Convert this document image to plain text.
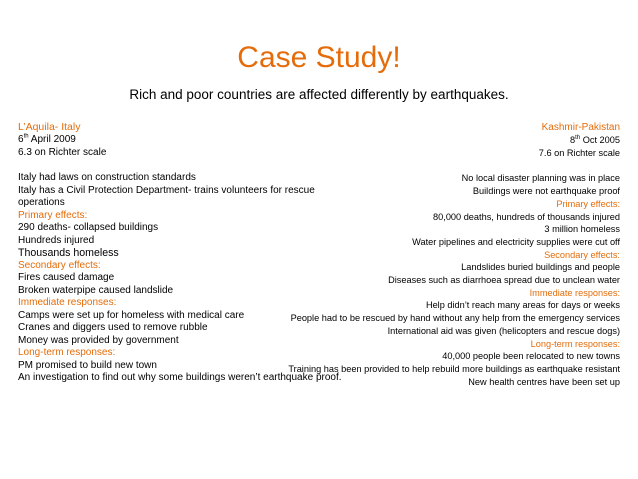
Case Study!
Rich and poor countries are affected differently by earthquakes.
L’Aquila- Italy
6th April 2009
6.3 on Richter scale
Italy had laws on construction standards
Italy has a Civil Protection Department- trains volunteers for rescue operations
Primary effects:
290 deaths- collapsed buildings
Hundreds injured
Thousands homeless
Secondary effects:
Fires caused damage
Broken waterpipe caused landslide
Immediate responses:
Camps were set up for homeless with medical care
Cranes and diggers used to remove rubble
Money was provided by government
Long-term responses:
PM promised to build new town
An investigation to find out why some buildings weren’t earthquake proof.
Kashmir-Pakistan
8th Oct 2005
7.6 on Richter scale
No local disaster planning was in place
Buildings were not earthquake proof
Primary effects:
80,000 deaths, hundreds of thousands injured
3 million homeless
Water pipelines and electricity supplies were cut off
Secondary effects:
Landslides buried buildings and people
Diseases such as diarrhoea spread due to unclean water
Immediate responses:
Help didn’t reach many areas for days or weeks
People had to be rescued by hand without any help from the emergency services
International aid was given (helicopters and rescue dogs)
Long-term responses:
40,000 people been relocated to new towns
Training has been provided to help rebuild more buildings as earthquake resistant
New health centres have been set up
